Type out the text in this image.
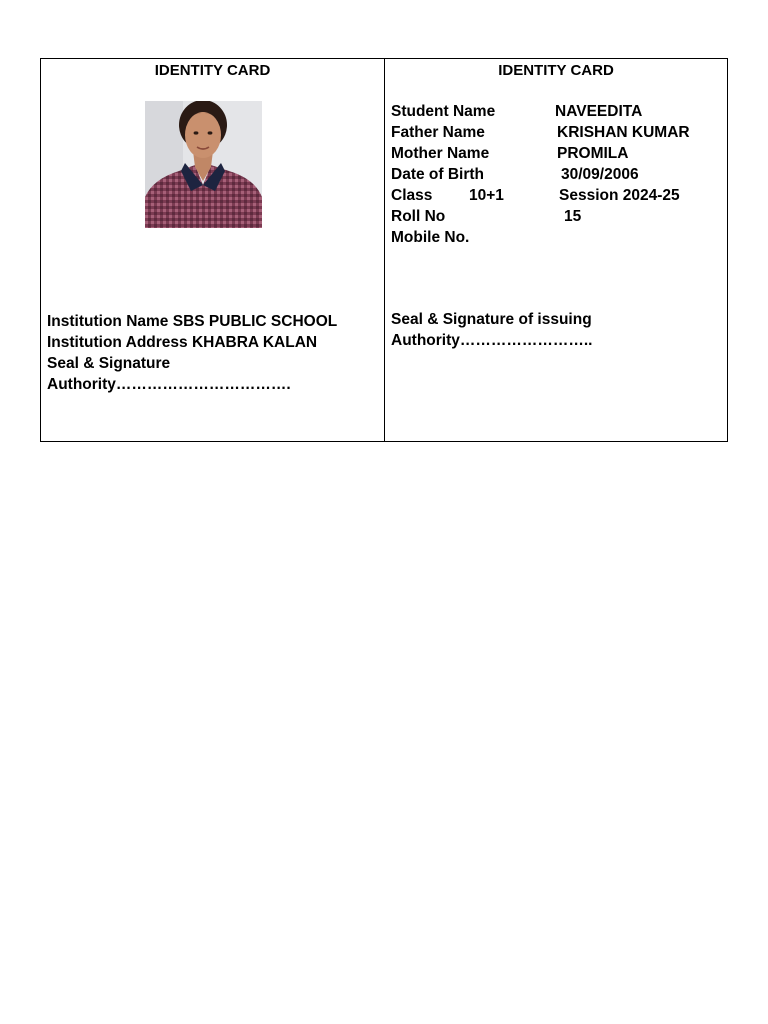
IDENTITY CARD
Institution Name SBS PUBLIC SCHOOL
Institution Address KHABRA KALAN
Seal & Signature
Authority…………………………….
IDENTITY CARD
Student Name	NAVEEDITA
Father Name	KRISHAN KUMAR
Mother Name	PROMILA
Date of Birth	30/09/2006
Class 10+1	Session 2024-25
Roll No	15
Mobile No.
Seal & Signature of issuing
Authority……………………..
